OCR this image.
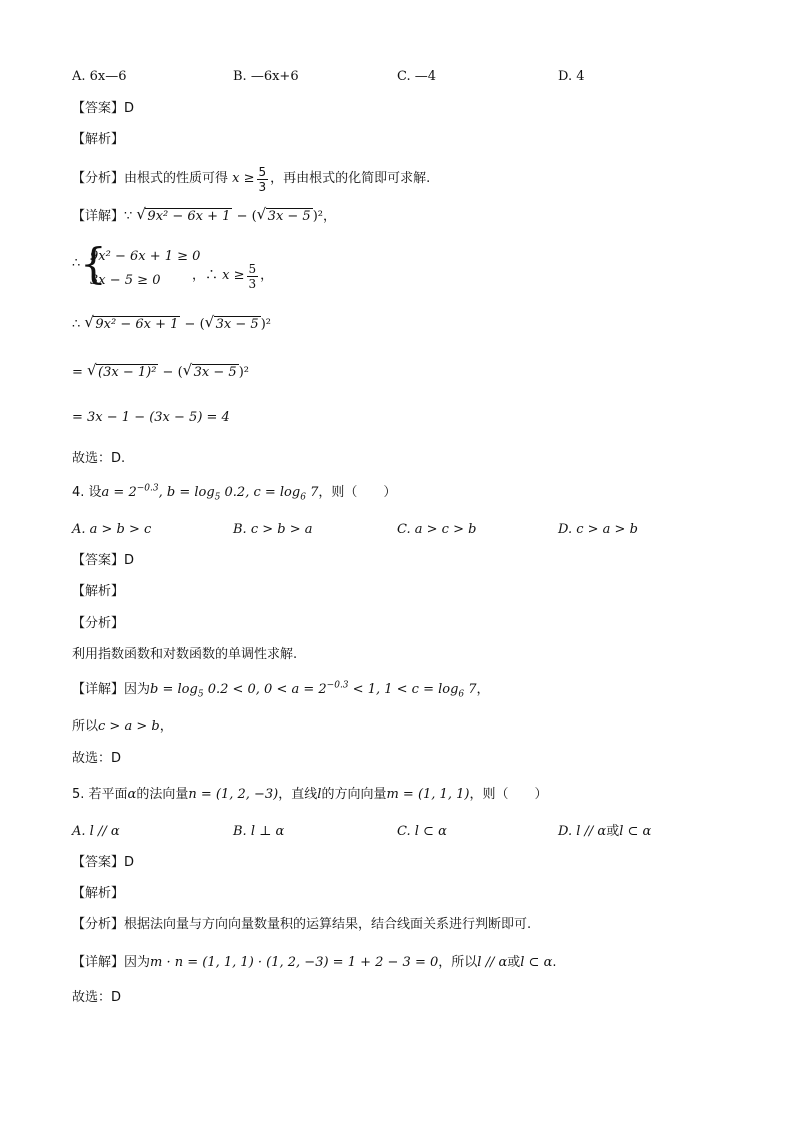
A. 6x—6	B. —6x+6	C. —4	D. 4
【答案】D
【解析】
【分析】由根式的性质可得 $x \ge \frac{5}{3}$ ，再由根式的化简即可求解.
【详解】∵ √ 9x² − 6x + 1 − ( √ 3x − 5 )²，
∴ {
9x² − 6x + 1 ≥ 0
3x − 5 ≥ 0 ，∴ $x \ge \frac{5}{3}$ ，
∴ √ 9x² − 6x + 1 − ( √ 3x − 5 )²
= √ (3x − 1)² − ( √ 3x − 5 )²
= 3x − 1 − (3x − 5) = 4
故选：D.
4. 设$a = 2^{-0.3}$, $b = \log_5 0.2$, $c = \log_6 7$，则（　　）
A. a > b > c	B. c > b > a	C. a > c > b	D. c > a > b
【答案】D
【解析】
【分析】
利用指数函数和对数函数的单调性求解.
【详解】因为$b = \log_5 0.2 < 0$, $0 < a = 2^{-0.3} < 1$, $1 < c = \log_6 7$，
所以c > a > b，
故选：D
5. 若平面α的法向量n = (1, 2, −3)，直线l的方向向量m = (1, 1, 1)，则（　　）
A. l // α	B. l ⊥ α	C. l ⊂ α	D. l // α或l ⊂ α
【答案】D
【解析】
【分析】根据法向量与方向向量数量积的运算结果，结合线面关系进行判断即可.
【详解】因为m · n = (1, 1, 1) · (1, 2, −3) = 1 + 2 − 3 = 0，所以l // α或l ⊂ α.
故选：D
